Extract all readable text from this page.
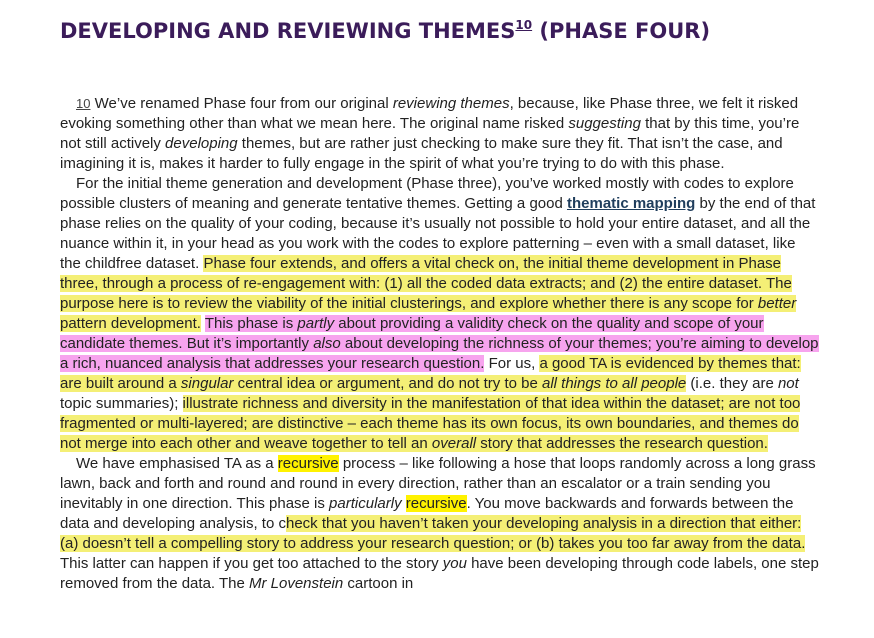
DEVELOPING AND REVIEWING THEMES$^{10}$ (PHASE FOUR)

10 We’ve renamed Phase four from our original reviewing themes, because, like Phase three, we felt it risked evoking something other than what we mean here. The original name risked suggesting that by this time, you’re not still actively developing themes, but are rather just checking to make sure they fit. That isn’t the case, and imagining it is, makes it harder to fully engage in the spirit of what you’re trying to do with this phase.

For the initial theme generation and development (Phase three), you’ve worked mostly with codes to explore possible clusters of meaning and generate tentative themes. Getting a good thematic mapping by the end of that phase relies on the quality of your coding, because it’s usually not possible to hold your entire dataset, and all the nuance within it, in your head as you work with the codes to explore patterning – even with a small dataset, like the childfree dataset. Phase four extends, and offers a vital check on, the initial theme development in Phase three, through a process of re-engagement with: (1) all the coded data extracts; and (2) the entire dataset. The purpose here is to review the viability of the initial clusterings, and explore whether there is any scope for better pattern development. This phase is partly about providing a validity check on the quality and scope of your candidate themes. But it’s importantly also about developing the richness of your themes; you’re aiming to develop a rich, nuanced analysis that addresses your research question. For us, a good TA is evidenced by themes that: are built around a singular central idea or argument, and do not try to be all things to all people (i.e. they are not topic summaries); illustrate richness and diversity in the manifestation of that idea within the dataset; are not too fragmented or multi-layered; are distinctive – each theme has its own focus, its own boundaries, and themes do not merge into each other and weave together to tell an overall story that addresses the research question.

We have emphasised TA as a recursive process – like following a hose that loops randomly across a long grass lawn, back and forth and round and round in every direction, rather than an escalator or a train sending you inevitably in one direction. This phase is particularly recursive. You move backwards and forwards between the data and developing analysis, to check that you haven’t taken your developing analysis in a direction that either: (a) doesn’t tell a compelling story to address your research question; or (b) takes you too far away from the data. This latter can happen if you get too attached to the story you have been developing through code labels, one step removed from the data. The Mr Lovenstein cartoon in
